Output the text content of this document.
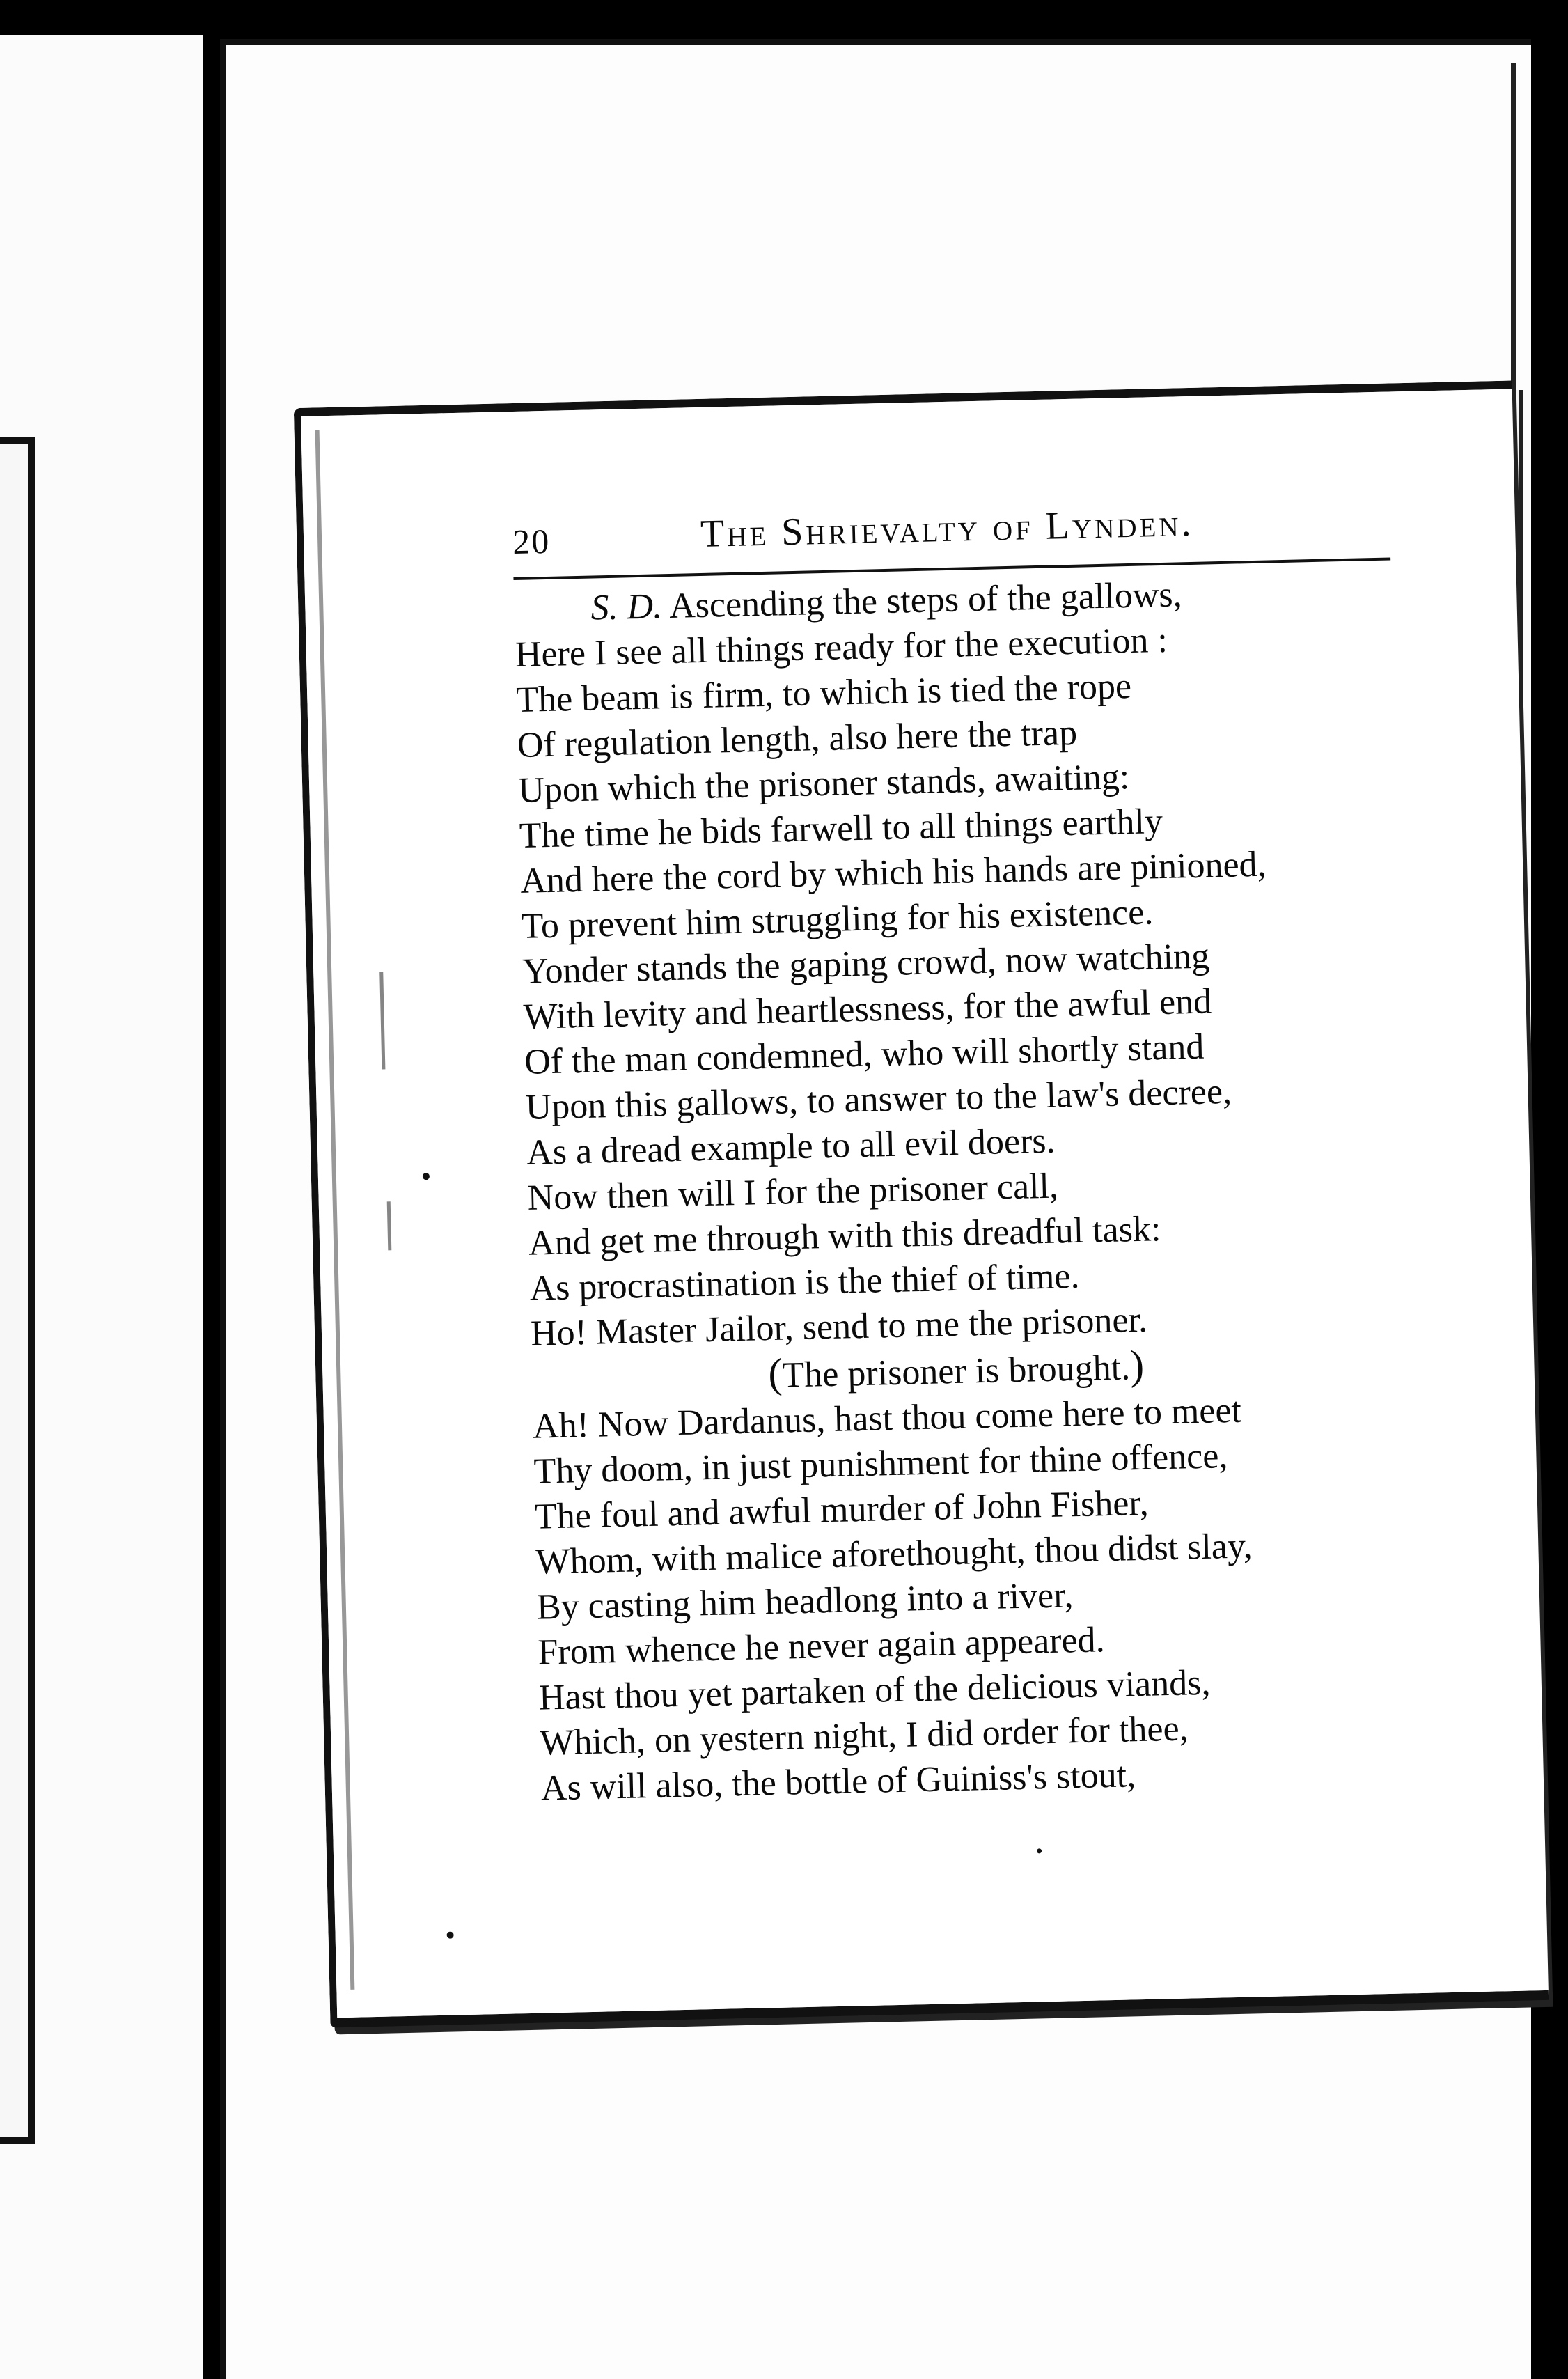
20	The Shrievalty of Lynden.
S. D. Ascending the steps of the gallows,
Here I see all things ready for the execution :
The beam is firm, to which is tied the rope
Of regulation length, also here the trap
Upon which the prisoner stands, awaiting:
The time he bids farwell to all things earthly
And here the cord by which his hands are pinioned,
To prevent him struggling for his existence.
Yonder stands the gaping crowd, now watching
With levity and heartlessness, for the awful end
Of the man condemned, who will shortly stand
Upon this gallows, to answer to the law's decree,
As a dread example to all evil doers.
Now then will I for the prisoner call,
And get me through with this dreadful task:
As procrastination is the thief of time.
Ho! Master Jailor, send to me the prisoner.
(The prisoner is brought.)
Ah! Now Dardanus, hast thou come here to meet
Thy doom, in just punishment for thine offence,
The foul and awful murder of John Fisher,
Whom, with malice aforethought, thou didst slay,
By casting him headlong into a river,
From whence he never again appeared.
Hast thou yet partaken of the delicious viands,
Which, on yestern night, I did order for thee,
As will also, the bottle of Guiniss's stout,
